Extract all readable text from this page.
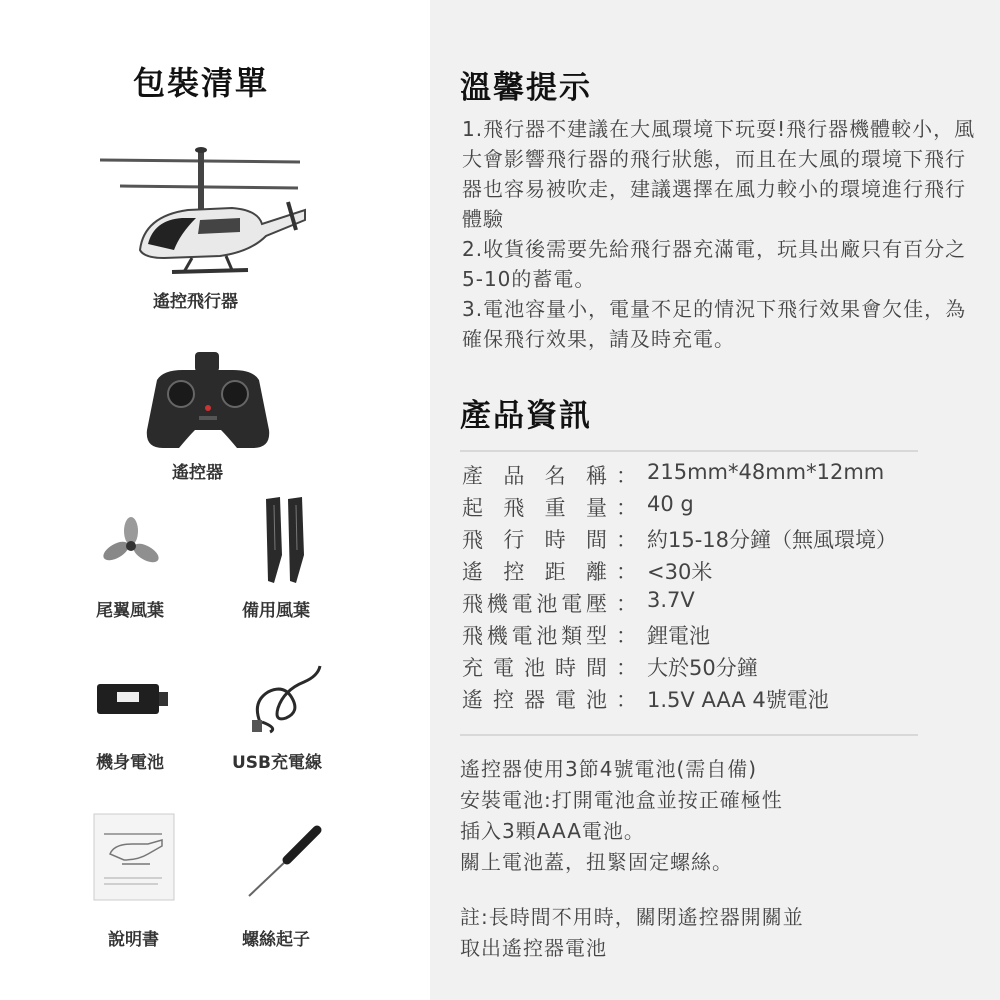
包裝清單
遙控飛行器
遙控器
尾翼風葉	備用風葉
機身電池	USB充電線
說明書	螺絲起子
溫馨提示

1.飛行器不建議在大風環境下玩耍!飛行器機體較小，風大會影響飛行器的飛行狀態，而且在大風的環境下飛行器也容易被吹走，建議選擇在風力較小的環境進行飛行體驗

2.收貨後需要先給飛行器充滿電，玩具出廠只有百分之5-10的蓄電。

3.電池容量小，電量不足的情況下飛行效果會欠佳，為確保飛行效果，請及時充電。

產品資訊
產 品 名 稱 ： 215mm*48mm*12mm
起 飛 重 量 ： 40 g
飛 行 時 間 ： 約15-18分鐘（無風環境）
遙 控 距 離 ： <30米
飛 機 電 池 電 壓 ： 3.7V
飛 機 電 池 類 型 ： 鋰電池
充 電 池 時 間 ： 大於50分鐘
遙 控 器 電 池 ： 1.5V AAA 4號電池

遙控器使用3節4號電池(需自備)

安裝電池:打開電池盒並按正確極性

插入3顆AAA電池。

關上電池蓋，扭緊固定螺絲。

註:長時間不用時，關閉遙控器開關並

取出遙控器電池
